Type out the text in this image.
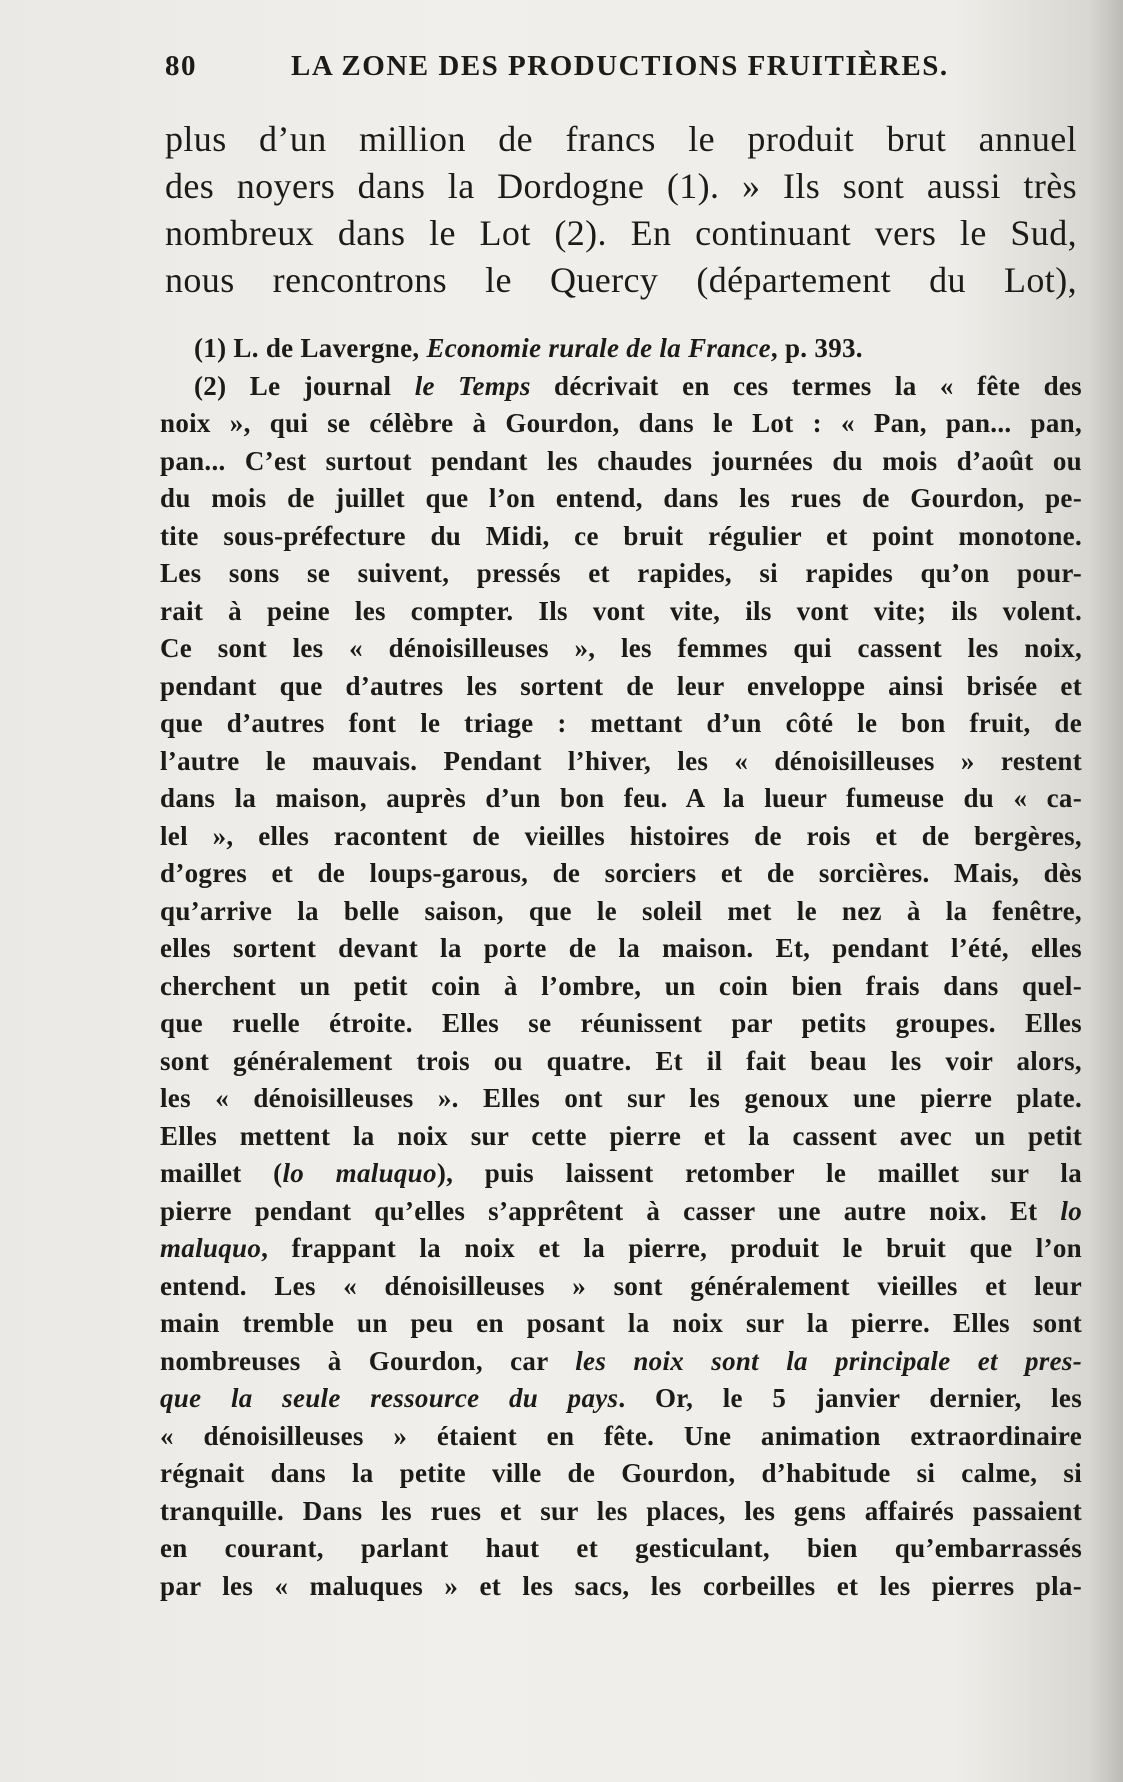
80	LA ZONE DES PRODUCTIONS FRUITIÈRES.
plus d’un million de francs le produit brut annuel
des noyers dans la Dordogne (1). » Ils sont aussi très
nombreux dans le Lot (2). En continuant vers le Sud,
nous rencontrons le Quercy (département du Lot),
(1) L. de Lavergne, Economie rurale de la France, p. 393.
(2) Le journal le Temps décrivait en ces termes la « fête des
noix », qui se célèbre à Gourdon, dans le Lot : « Pan, pan... pan,
pan... C’est surtout pendant les chaudes journées du mois d’août ou
du mois de juillet que l’on entend, dans les rues de Gourdon, pe-
tite sous-préfecture du Midi, ce bruit régulier et point monotone.
Les sons se suivent, pressés et rapides, si rapides qu’on pour-
rait à peine les compter. Ils vont vite, ils vont vite; ils volent.
Ce sont les « dénoisilleuses », les femmes qui cassent les noix,
pendant que d’autres les sortent de leur enveloppe ainsi brisée et
que d’autres font le triage : mettant d’un côté le bon fruit, de
l’autre le mauvais. Pendant l’hiver, les « dénoisilleuses » restent
dans la maison, auprès d’un bon feu. A la lueur fumeuse du « ca-
lel », elles racontent de vieilles histoires de rois et de bergères,
d’ogres et de loups-garous, de sorciers et de sorcières. Mais, dès
qu’arrive la belle saison, que le soleil met le nez à la fenêtre,
elles sortent devant la porte de la maison. Et, pendant l’été, elles
cherchent un petit coin à l’ombre, un coin bien frais dans quel-
que ruelle étroite. Elles se réunissent par petits groupes. Elles
sont généralement trois ou quatre. Et il fait beau les voir alors,
les « dénoisilleuses ». Elles ont sur les genoux une pierre plate.
Elles mettent la noix sur cette pierre et la cassent avec un petit
maillet (lo maluquo), puis laissent retomber le maillet sur la
pierre pendant qu’elles s’apprêtent à casser une autre noix. Et lo
maluquo, frappant la noix et la pierre, produit le bruit que l’on
entend. Les « dénoisilleuses » sont généralement vieilles et leur
main tremble un peu en posant la noix sur la pierre. Elles sont
nombreuses à Gourdon, car les noix sont la principale et pres-
que la seule ressource du pays. Or, le 5 janvier dernier, les
« dénoisilleuses » étaient en fête. Une animation extraordinaire
régnait dans la petite ville de Gourdon, d’habitude si calme, si
tranquille. Dans les rues et sur les places, les gens affairés passaient
en courant, parlant haut et gesticulant, bien qu’embarrassés
par les « maluques » et les sacs, les corbeilles et les pierres pla-
